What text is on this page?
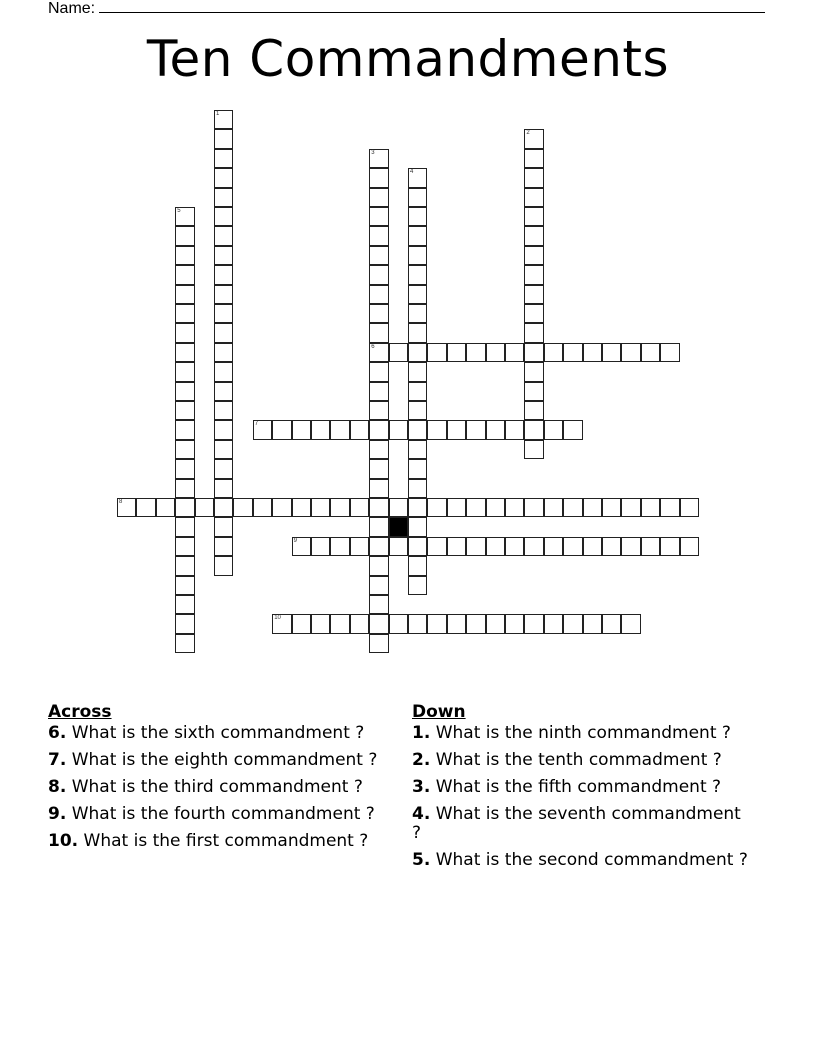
Name:
Ten Commandments
1
2
3
6
4
5
7
8
9
10
Across
6. What is the sixth commandment ?
7. What is the eighth commandment ?
8. What is the third commandment ?
9. What is the fourth commandment ?
10. What is the first commandment ?
Down
1. What is the ninth commandment ?
2. What is the tenth commadment ?
3. What is the fifth commandment ?
4. What is the seventh commandment ?
5. What is the second commandment ?
